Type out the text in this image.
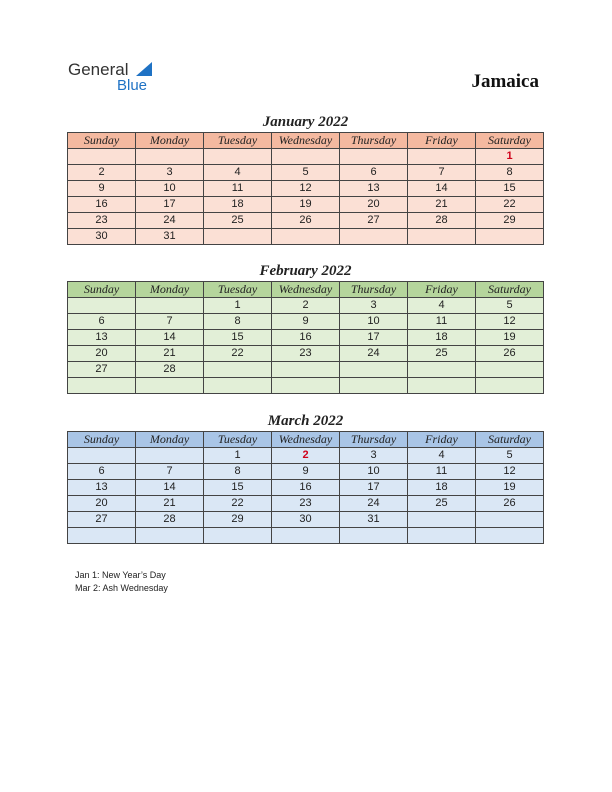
General
Blue	Jamaica
January 2022
Sunday	Monday	Tuesday	Wednesday	Thursday	Friday	Saturday
						1
2	3	4	5	6	7	8
9	10	11	12	13	14	15
16	17	18	19	20	21	22
23	24	25	26	27	28	29
30	31					
February 2022
Sunday	Monday	Tuesday	Wednesday	Thursday	Friday	Saturday
		1	2	3	4	5
6	7	8	9	10	11	12
13	14	15	16	17	18	19
20	21	22	23	24	25	26
27	28					

March 2022
Sunday	Monday	Tuesday	Wednesday	Thursday	Friday	Saturday
		1	2	3	4	5
6	7	8	9	10	11	12
13	14	15	16	17	18	19
20	21	22	23	24	25	26
27	28	29	30	31		

Jan 1: New Year’s Day
Mar 2: Ash Wednesday
